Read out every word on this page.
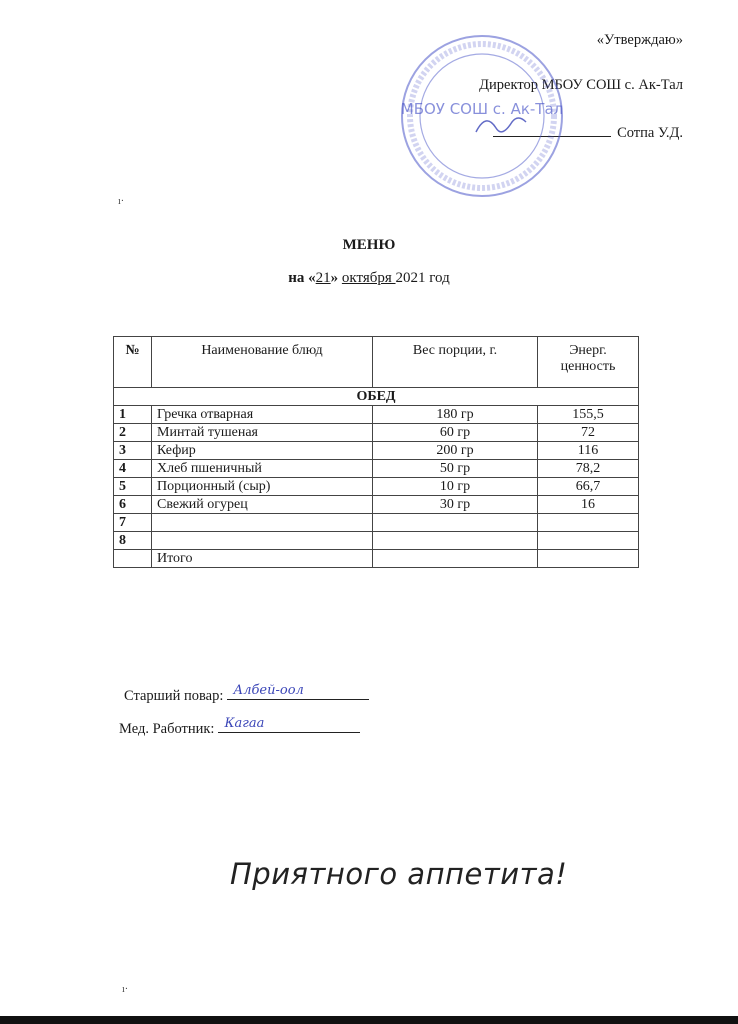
«Утверждаю»
Директор МБОУ СОШ с. Ак-Тал
Сотпа У.Д.
МБОУ СОШ с. Ак-Тал
ı·
МЕНЮ
на «21» октября 2021 год
№	Наименование блюд	Вес порции, г.	Энерг. ценность
ОБЕД			
1	Гречка отварная	180 гр	155,5
2	Минтай тушеная	60 гр	72
3	Кефир	200 гр	116
4	Хлеб пшеничный	50 гр	78,2
5	Порционный (сыр)	10 гр	66,7
6	Свежий огурец	30 гр	16
7			
8			
	Итого		
Старший повар: Албей-оол
Мед. Работник: Кагаа
Приятного аппетита!
ı·
